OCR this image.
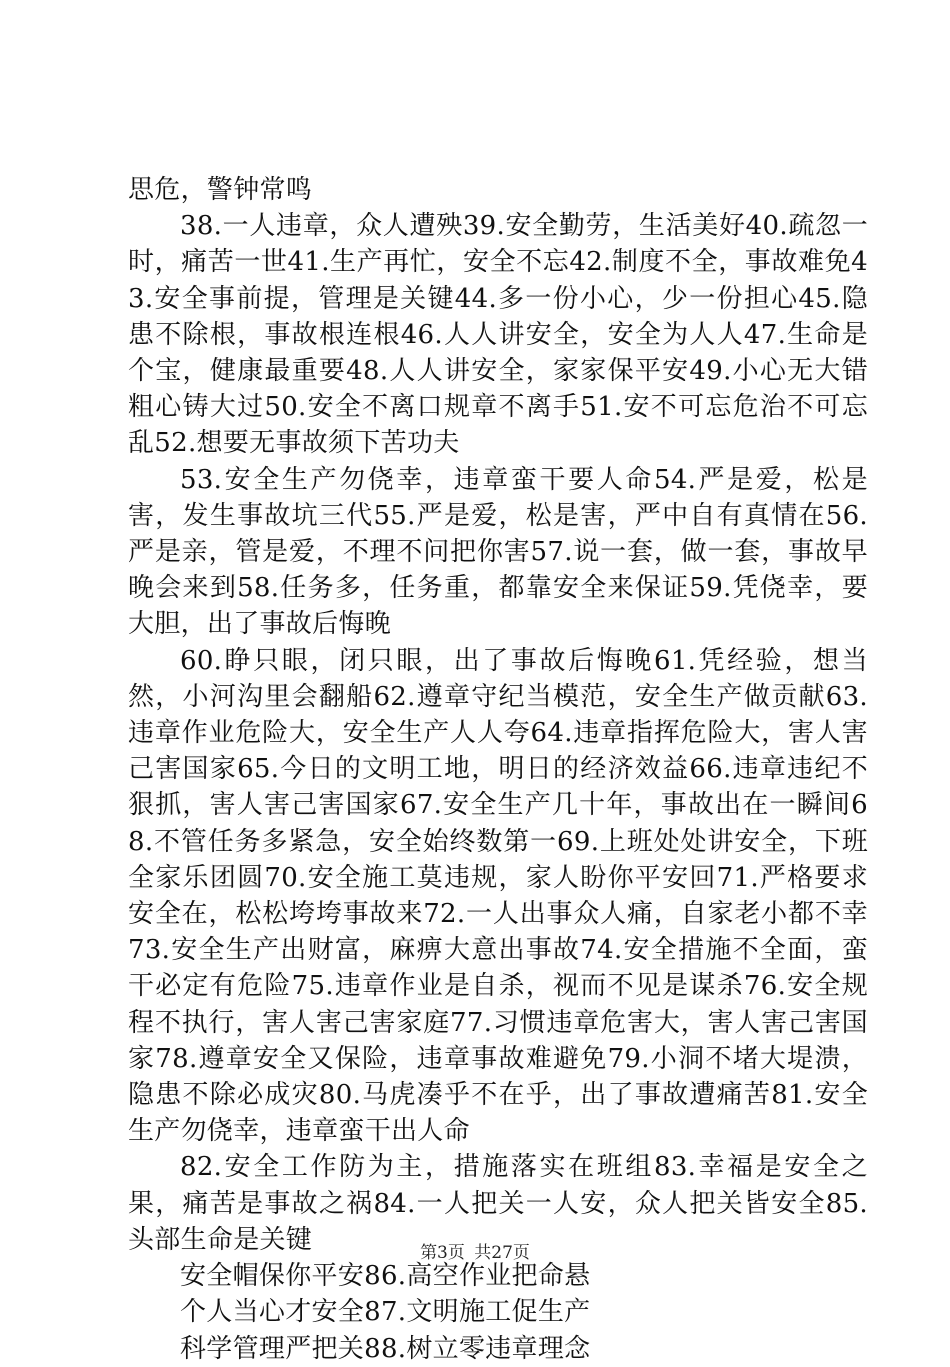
思危，警钟常鸣

38.一人违章，众人遭殃39.安全勤劳，生活美好40.疏忽一时，痛苦一世41.生产再忙，安全不忘42.制度不全，事故难免43.安全事前提，管理是关键44.多一份小心，少一份担心45.隐患不除根，事故根连根46.人人讲安全，安全为人人47.生命是个宝，健康最重要48.人人讲安全，家家保平安49.小心无大错粗心铸大过50.安全不离口规章不离手51.安不可忘危治不可忘乱52.想要无事故须下苦功夫

53.安全生产勿侥幸，违章蛮干要人命54.严是爱，松是害，发生事故坑三代55.严是爱，松是害，严中自有真情在56.严是亲，管是爱，不理不问把你害57.说一套，做一套，事故早晚会来到58.任务多，任务重，都靠安全来保证59.凭侥幸，要大胆，出了事故后悔晚

60.睁只眼，闭只眼，出了事故后悔晚61.凭经验，想当然，小河沟里会翻船62.遵章守纪当模范，安全生产做贡献63.违章作业危险大，安全生产人人夸64.违章指挥危险大，害人害己害国家65.今日的文明工地，明日的经济效益66.违章违纪不狠抓，害人害己害国家67.安全生产几十年，事故出在一瞬间68.不管任务多紧急，安全始终数第一69.上班处处讲安全，下班全家乐团圆70.安全施工莫违规，家人盼你平安回71.严格要求安全在，松松垮垮事故来72.一人出事众人痛，自家老小都不幸73.安全生产出财富，麻痹大意出事故74.安全措施不全面，蛮干必定有危险75.违章作业是自杀，视而不见是谋杀76.安全规程不执行，害人害己害家庭77.习惯违章危害大，害人害己害国家78.遵章安全又保险，违章事故难避免79.小洞不堵大堤溃，隐患不除必成灾80.马虎凑乎不在乎，出了事故遭痛苦81.安全生产勿侥幸，违章蛮干出人命

82.安全工作防为主，措施落实在班组83.幸福是安全之果，痛苦是事故之祸84.一人把关一人安，众人把关皆安全85.头部生命是关键

安全帽保你平安86.高空作业把命悬

个人当心才安全87.文明施工促生产

科学管理严把关88.树立零违章理念

第3页 共27页
